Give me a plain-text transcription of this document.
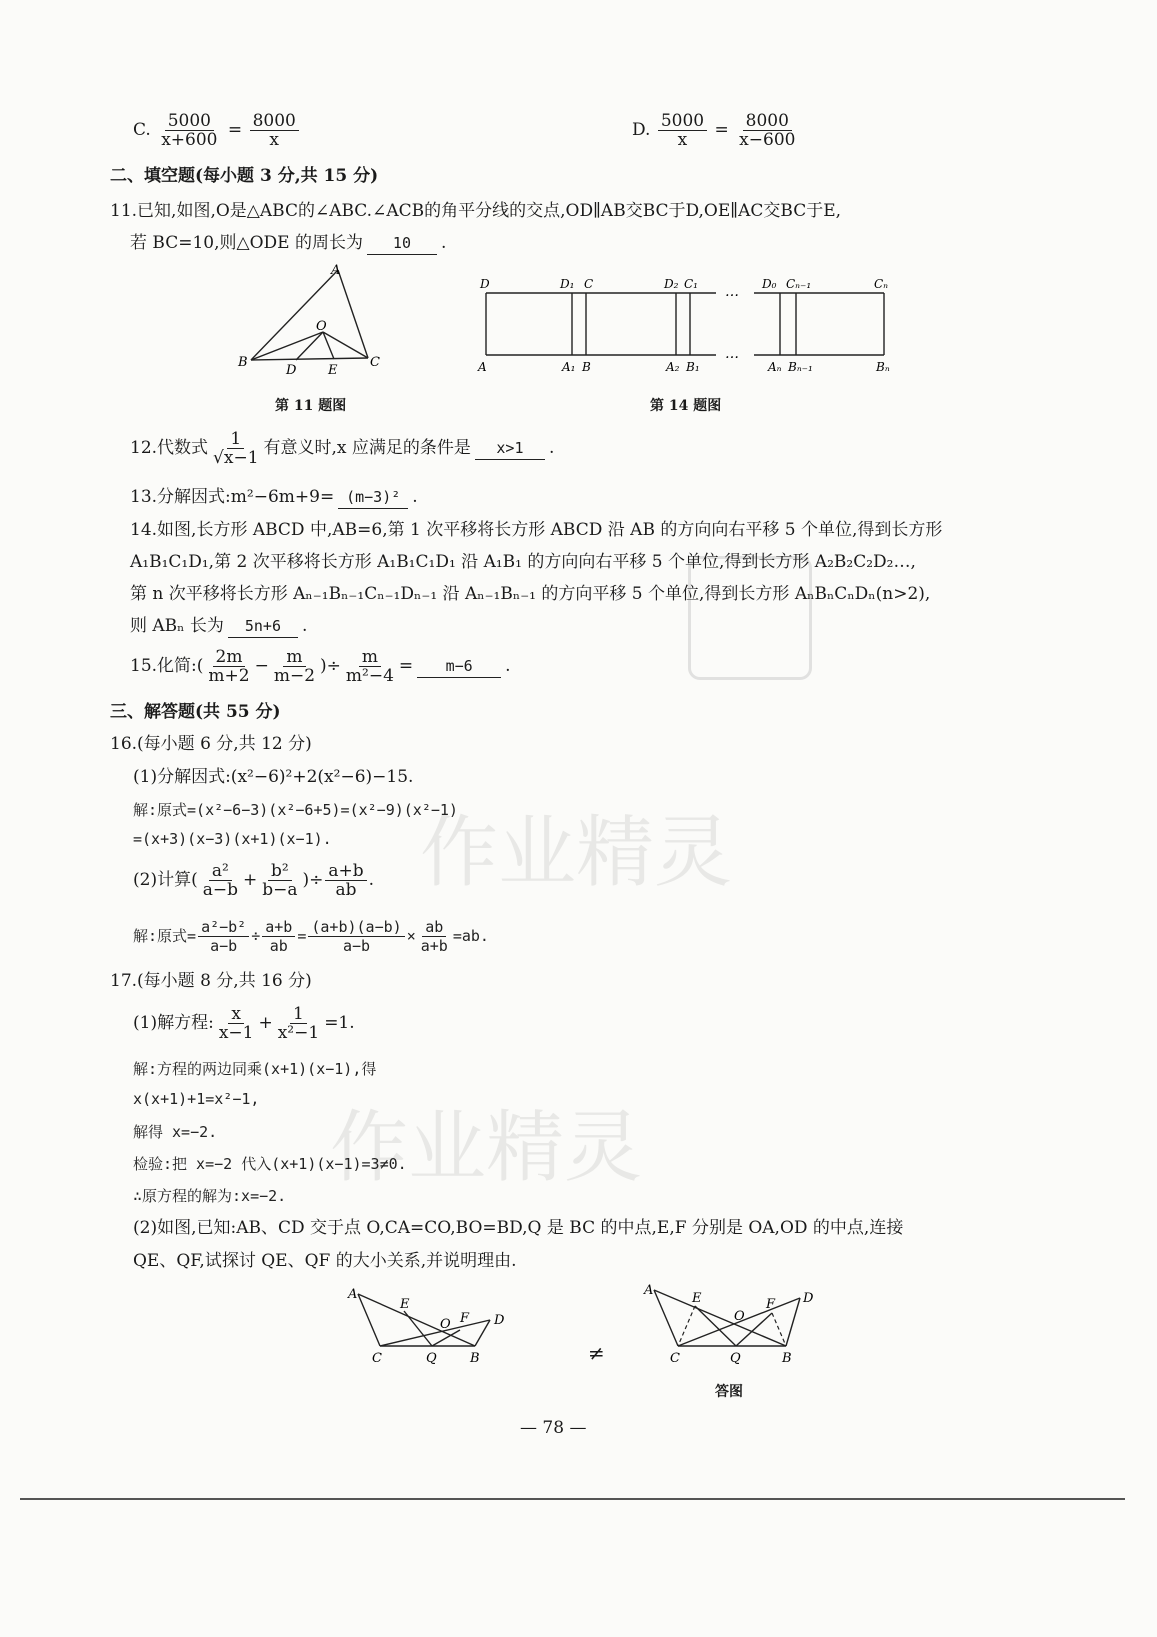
作业精灵
作业精灵
C. $\frac{5000}{x+600} = \frac{8000}{x}$	D. $\frac{5000}{x} = \frac{8000}{x-600}$
二、填空题(每小题 3 分,共 15 分)
11.已知,如图,O是△ABC的∠ABC.∠ACB的角平分线的交点,OD∥AB交BC于D,OE∥AC交BC于E,
若 BC=10,则△ODE 的周长为 10 .
A
B	C
O
D E
第 11 题图
…
…
D	D₁ C	D₂ C₁	D₀ Cₙ₋₁	Cₙ
A	A₁ B	A₂ B₁	Aₙ Bₙ₋₁	Bₙ
第 14 题图
12.代数式 $\frac{1}{√x-1}$ 有意义时,x 应满足的条件是 x>1 .
13.分解因式:m²−6m+9= (m−3)² .
14.如图,长方形 ABCD 中,AB=6,第 1 次平移将长方形 ABCD 沿 AB 的方向向右平移 5 个单位,得到长方形
A₁B₁C₁D₁,第 2 次平移将长方形 A₁B₁C₁D₁ 沿 A₁B₁ 的方向向右平移 5 个单位,得到长方形 A₂B₂C₂D₂…,
第 n 次平移将长方形 Aₙ₋₁Bₙ₋₁Cₙ₋₁Dₙ₋₁ 沿 Aₙ₋₁Bₙ₋₁ 的方向平移 5 个单位,得到长方形 AₙBₙCₙDₙ(n>2),
则 ABₙ 长为 5n+6 .
15.化简:( $\frac{2m}{m+2} - \frac{m}{m-2}$ )÷ $\frac{m}{\text{m²−4}} = m-6$ .
三、解答题(共 55 分)
16.(每小题 6 分,共 12 分)
(1)分解因式:(x²−6)²+2(x²−6)−15.
解:原式=(x²−6−3)(x²−6+5)=(x²−9)(x²−1)
=(x+3)(x−3)(x+1)(x−1).
(2)计算( $\frac{\text{a²}}{a-b} + \frac{\text{b²}}{b-a}$ )÷ $\frac{a+b}{ab}$ .
解:原式= $\frac{\text{a²−b²}}{a-b} \div \frac{a+b}{ab} = \frac{(a+b)(a-b)}{a-b} \times \frac{ab}{a+b} =ab$.
17.(每小题 8 分,共 16 分)
(1)解方程: $\frac{x}{x-1} + \frac{1}{\text{x²−1}} =1$.
解:方程的两边同乘(x+1)(x−1),得
x(x+1)+1=x²−1,
解得 x=−2.
检验:把 x=−2 代入(x+1)(x−1)=3≠0.
∴原方程的解为:x=−2.
(2)如图,已知:AB、CD 交于点 O,CA=CO,BO=BD,Q 是 BC 的中点,E,F 分别是 OA,OD 的中点,连接
QE、QF,试探讨 QE、QF 的大小关系,并说明理由.
A
E
O F D
C	Q	B	≠
A
E
O
F D
C	Q	B
答图
— 78 —
